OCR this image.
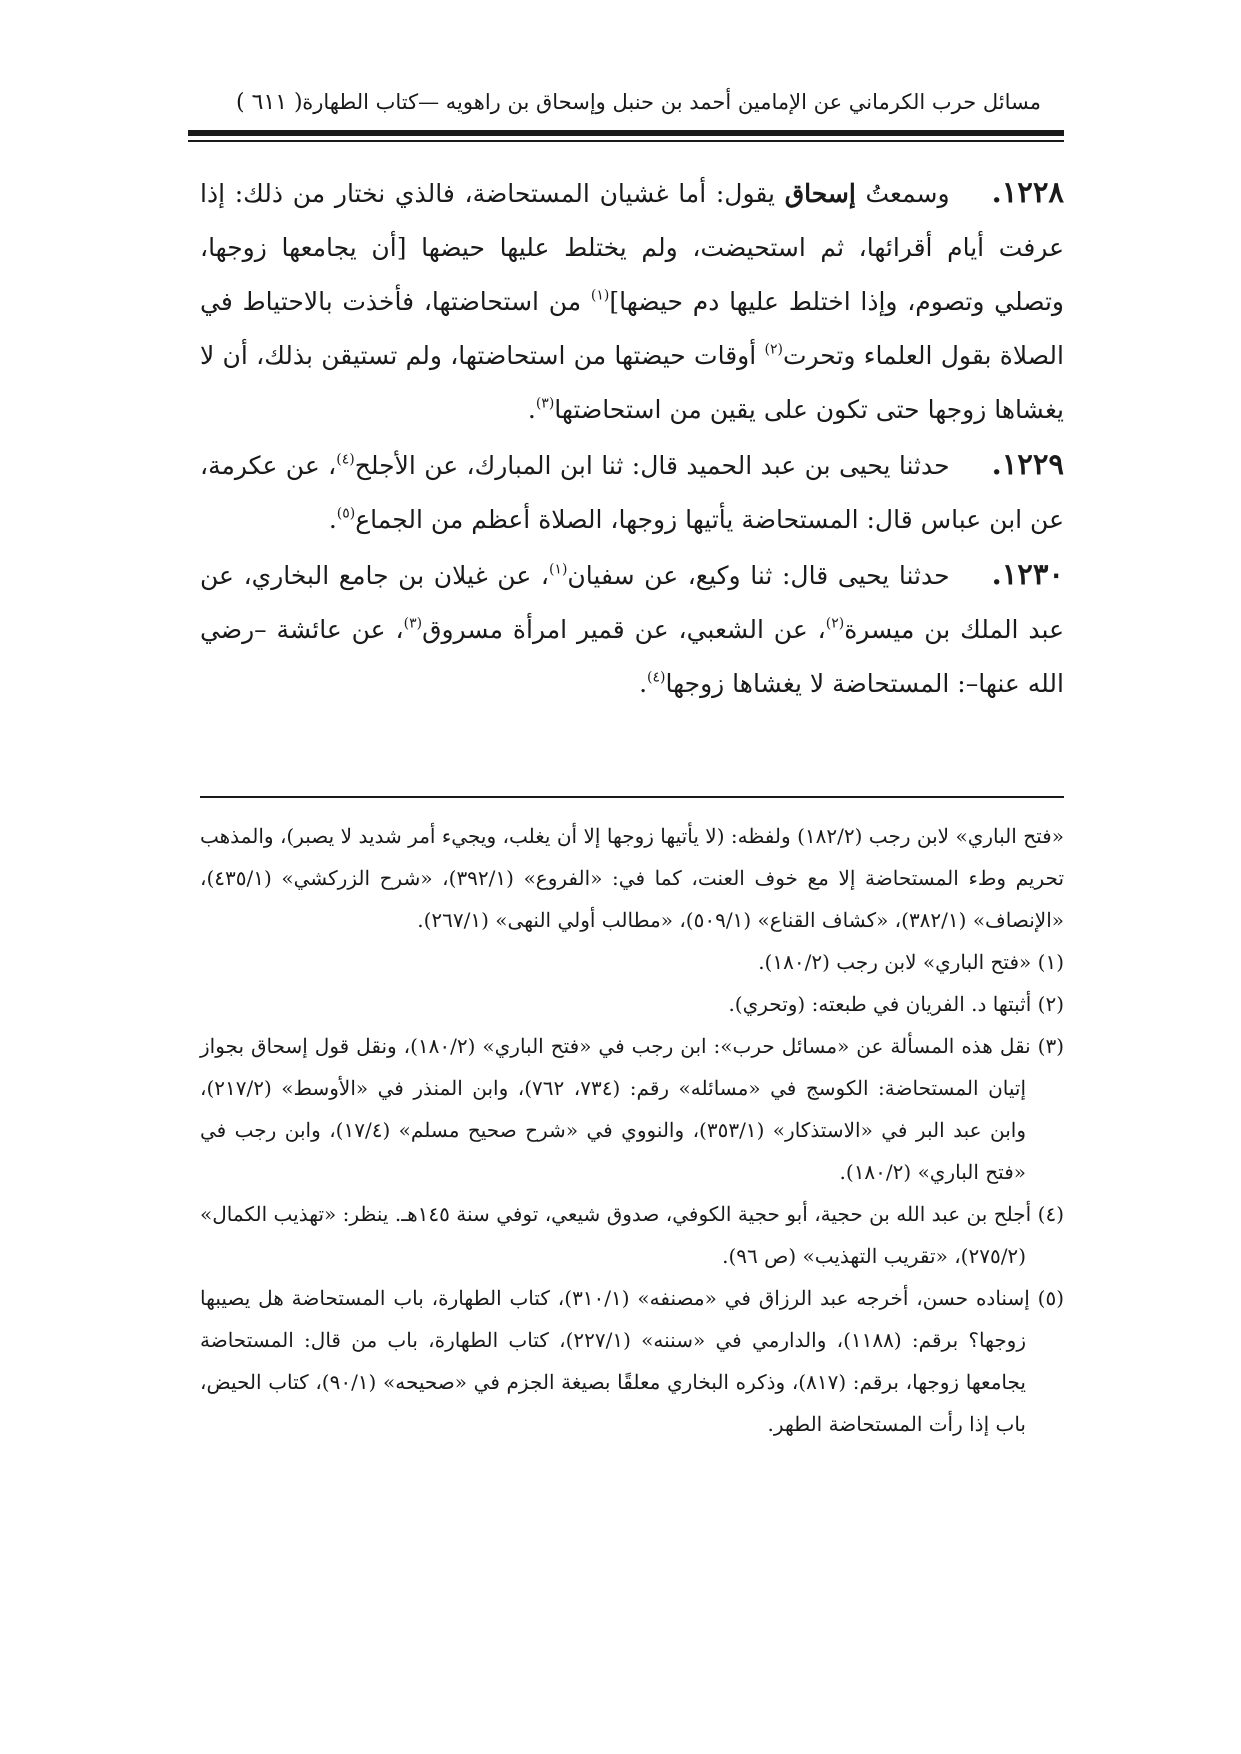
مسائل حرب الكرماني عن الإمامين أحمد بن حنبل وإسحاق بن راهويه —كتاب الطهارة
( ٦١١ )

١٢٢٨.وسمعتُ إسحاق يقول: أما غشيان المستحاضة، فالذي نختار من ذلك: إذا عرفت أيام أقرائها، ثم استحيضت، ولم يختلط عليها حيضها [أن يجامعها زوجها، وتصلي وتصوم، وإذا اختلط عليها دم حيضها]$^{(١)}$ من استحاضتها، فأخذت بالاحتياط في الصلاة بقول العلماء وتحرت$^{(٢)}$ أوقات حيضتها من استحاضتها، ولم تستيقن بذلك، أن لا يغشاها زوجها حتى تكون على يقين من استحاضتها$^{(٣)}$.

١٢٢٩.حدثنا يحيى بن عبد الحميد قال: ثنا ابن المبارك، عن الأجلح$^{(٤)}$، عن عكرمة، عن ابن عباس قال: المستحاضة يأتيها زوجها، الصلاة أعظم من الجماع$^{(٥)}$.

١٢٣٠.حدثنا يحيى قال: ثنا وكيع، عن سفيان$^{(١)}$، عن غيلان بن جامع البخاري، عن عبد الملك بن ميسرة$^{(٢)}$، عن الشعبي، عن قمير امرأة مسروق$^{(٣)}$، عن عائشة –رضي الله عنها–: المستحاضة لا يغشاها زوجها$^{(٤)}$.

«فتح الباري» لابن رجب (١٨٢/٢) ولفظه: (لا يأتيها زوجها إلا أن يغلب، ويجيء أمر شديد لا يصبر)، والمذهب تحريم وطء المستحاضة إلا مع خوف العنت، كما في: «الفروع» (٣٩٢/١)، «شرح الزركشي» (٤٣٥/١)، «الإنصاف» (٣٨٢/١)، «كشاف القناع» (٥٠٩/١)، «مطالب أولي النهى» (٢٦٧/١).

(١) «فتح الباري» لابن رجب (١٨٠/٢).

(٢) أثبتها د. الفريان في طبعته: (وتحري).

(٣) نقل هذه المسألة عن «مسائل حرب»: ابن رجب في «فتح الباري» (١٨٠/٢)، ونقل قول إسحاق بجواز إتيان المستحاضة: الكوسج في «مسائله» رقم: (٧٣٤، ٧٦٢)، وابن المنذر في «الأوسط» (٢١٧/٢)، وابن عبد البر في «الاستذكار» (٣٥٣/١)، والنووي في «شرح صحيح مسلم» (١٧/٤)، وابن رجب في «فتح الباري» (١٨٠/٢).

(٤) أجلح بن عبد الله بن حجية، أبو حجية الكوفي، صدوق شيعي، توفي سنة ١٤٥هـ. ينظر: «تهذيب الكمال» (٢٧٥/٢)، «تقريب التهذيب» (ص ٩٦).

(٥) إسناده حسن، أخرجه عبد الرزاق في «مصنفه» (٣١٠/١)، كتاب الطهارة، باب المستحاضة هل يصيبها زوجها؟ برقم: (١١٨٨)، والدارمي في «سننه» (٢٢٧/١)، كتاب الطهارة، باب من قال: المستحاضة يجامعها زوجها، برقم: (٨١٧)، وذكره البخاري معلقًا بصيغة الجزم في «صحيحه» (٩٠/١)، كتاب الحيض، باب إذا رأت المستحاضة الطهر.
